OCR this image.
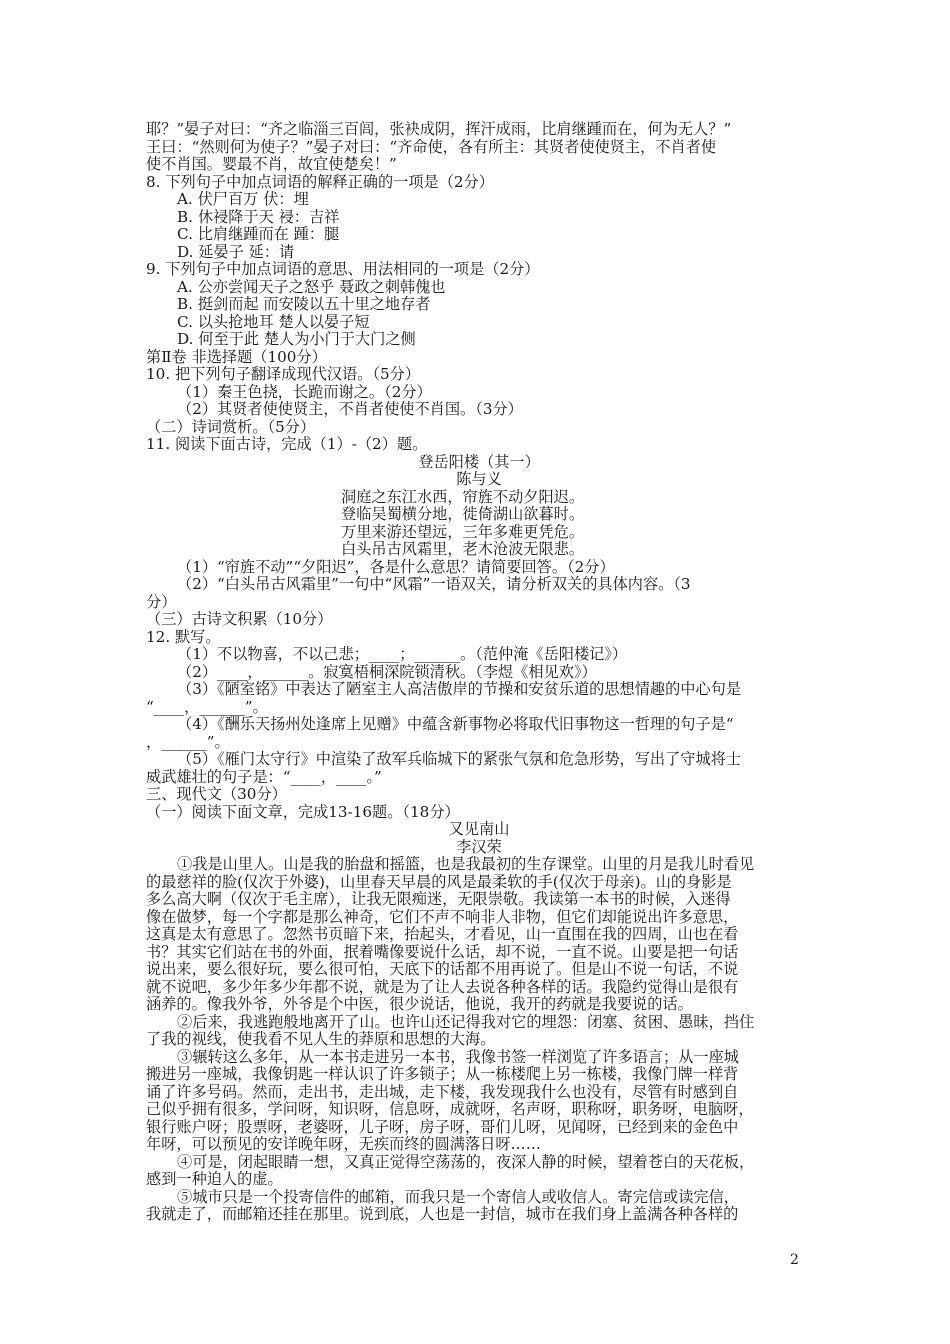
耶？”晏子对曰：“齐之临淄三百闾，张袂成阴，挥汗成雨，比肩继踵而在，何为无人？”
王曰：“然则何为使子？”晏子对曰：“齐命使，各有所主：其贤者使使贤主，不肖者使
使不肖国。婴最不肖，故宜使楚矣！”
8. 下列句子中加点词语的解释正确的一项是（2分）
A. 伏尸百万 伏：埋
B. 休祲降于天 祲：吉祥
C. 比肩继踵而在 踵：腿
D. 延晏子 延：请
9. 下列句子中加点词语的意思、用法相同的一项是（2分）
A. 公亦尝闻天子之怒乎 聂政之刺韩傀也
B. 挺剑而起 而安陵以五十里之地存者
C. 以头抢地耳 楚人以晏子短
D. 何至于此 楚人为小门于大门之侧
第Ⅱ卷 非选择题（100分）
10. 把下列句子翻译成现代汉语。（5分）
（1）秦王色挠，长跪而谢之。（2分）
（2）其贤者使使贤主，不肖者使使不肖国。（3分）
（二）诗词赏析。（5分）
11. 阅读下面古诗，完成（1）-（2）题。
登岳阳楼（其一）
陈与义
洞庭之东江水西，帘旌不动夕阳迟。
登临吴蜀横分地，徙倚湖山欲暮时。
万里来游还望远，三年多难更凭危。
白头吊古风霜里，老木沧波无限悲。
（1）“帘旌不动”“夕阳迟”，各是什么意思？请简要回答。（2分）
（2）“白头吊古风霜里”一句中“风霜”一语双关，请分析双关的具体内容。（3
分）
（三）古诗文积累（10分）
12. 默写。
（1）不以物喜，不以己悲；____；______。（范仲淹《岳阳楼记》）
（2）____，______。寂寞梧桐深院锁清秋。（李煜《相见欢》）
（3）《陋室铭》中表达了陋室主人高洁傲岸的节操和安贫乐道的思想情趣的中心句是
“____，______”。
（4）《酬乐天扬州处逢席上见赠》中蕴含新事物必将取代旧事物这一哲理的句子是“
，______”。
（5）《雁门太守行》中渲染了敌军兵临城下的紧张气氛和危急形势，写出了守城将士
威武雄壮的句子是：“____，____。”
三、现代文（30分）
（一）阅读下面文章，完成13-16题。（18分）
又见南山
李汉荣
①我是山里人。山是我的胎盘和摇篮，也是我最初的生存课堂。山里的月是我儿时看见
的最慈祥的脸(仅次于外婆)，山里春天早晨的风是最柔软的手(仅次于母亲)。山的身影是
多么高大啊（仅次于毛主席），让我无限痴迷，无限崇敬。我读第一本书的时候，入迷得
像在做梦，每一个字都是那么神奇，它们不声不响非人非物，但它们却能说出许多意思，
这真是太有意思了。忽然书页暗下来，抬起头，才看见，山一直围在我的四周，山也在看
书？其实它们站在书的外面，抿着嘴像要说什么话，却不说，一直不说。山要是把一句话
说出来，要么很好玩，要么很可怕，天底下的话都不用再说了。但是山不说一句话，不说
就不说吧，多少年多少年都不说，就是为了让人去说各种各样的话。我隐约觉得山是很有
涵养的。像我外爷，外爷是个中医，很少说话，他说，我开的药就是我要说的话。
②后来，我逃跑般地离开了山。也许山还记得我对它的埋怨：闭塞、贫困、愚昧，挡住
了我的视线，使我看不见人生的莽原和思想的大海。
③辗转这么多年，从一本书走进另一本书，我像书签一样浏览了许多语言；从一座城
搬进另一座城，我像钥匙一样认识了许多锁子；从一栋楼爬上另一栋楼，我像门牌一样背
诵了许多号码。然而，走出书，走出城，走下楼，我发现我什么也没有，尽管有时感到自
己似乎拥有很多，学问呀，知识呀，信息呀，成就呀，名声呀，职称呀，职务呀，电脑呀，
银行账户呀；股票呀，老婆呀，儿子呀，房子呀，哥们儿呀，见闻呀，已经到来的金色中
年呀，可以预见的安详晚年呀，无疾而终的圆满落日呀……
④可是，闭起眼睛一想，又真正觉得空荡荡的，夜深人静的时候，望着苍白的天花板，
感到一种迫人的虚。
⑤城市只是一个投寄信件的邮箱，而我只是一个寄信人或收信人。寄完信或读完信，
我就走了，而邮箱还挂在那里。说到底，人也是一封信，城市在我们身上盖满各种各样的
2
